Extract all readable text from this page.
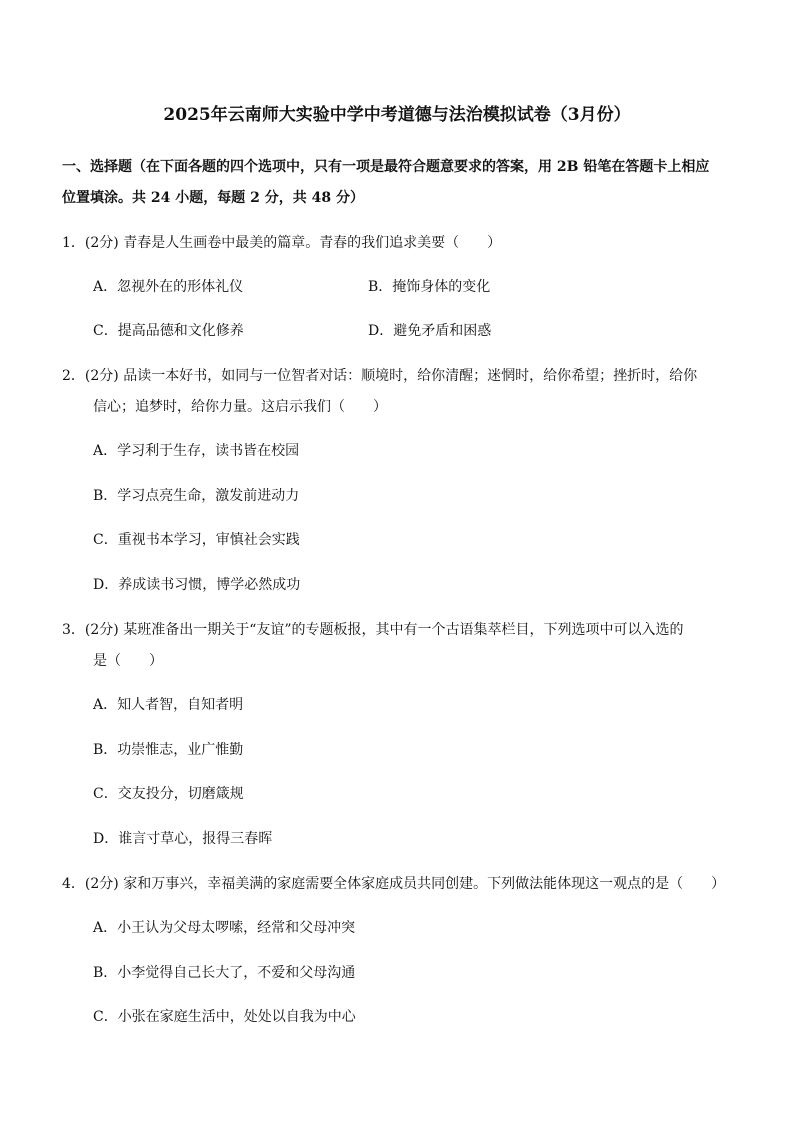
2025年云南师大实验中学中考道德与法治模拟试卷（3月份）
一、选择题（在下面各题的四个选项中，只有一项是最符合题意要求的答案，用 2B 铅笔在答题卡上相应
位置填涂。共 24 小题，每题 2 分，共 48 分）
1．(2分) 青春是人生画卷中最美的篇章。青春的我们追求美要（　　）
A．忽视外在的形体礼仪	B．掩饰身体的变化
C．提高品德和文化修养	D．避免矛盾和困惑
2．(2分) 品读一本好书，如同与一位智者对话：顺境时，给你清醒；迷惘时，给你希望；挫折时，给你
信心；追梦时，给你力量。这启示我们（　　）
A．学习利于生存，读书皆在校园
B．学习点亮生命，激发前进动力
C．重视书本学习，审慎社会实践
D．养成读书习惯，博学必然成功
3．(2分) 某班准备出一期关于“友谊”的专题板报，其中有一个古语集萃栏目，下列选项中可以入选的
是（　　）
A．知人者智，自知者明
B．功崇惟志，业广惟勤
C．交友投分，切磨箴规
D．谁言寸草心，报得三春晖
4．(2分) 家和万事兴，幸福美满的家庭需要全体家庭成员共同创建。下列做法能体现这一观点的是（　　）
A．小王认为父母太啰嗦，经常和父母冲突
B．小李觉得自己长大了，不爱和父母沟通
C．小张在家庭生活中，处处以自我为中心
